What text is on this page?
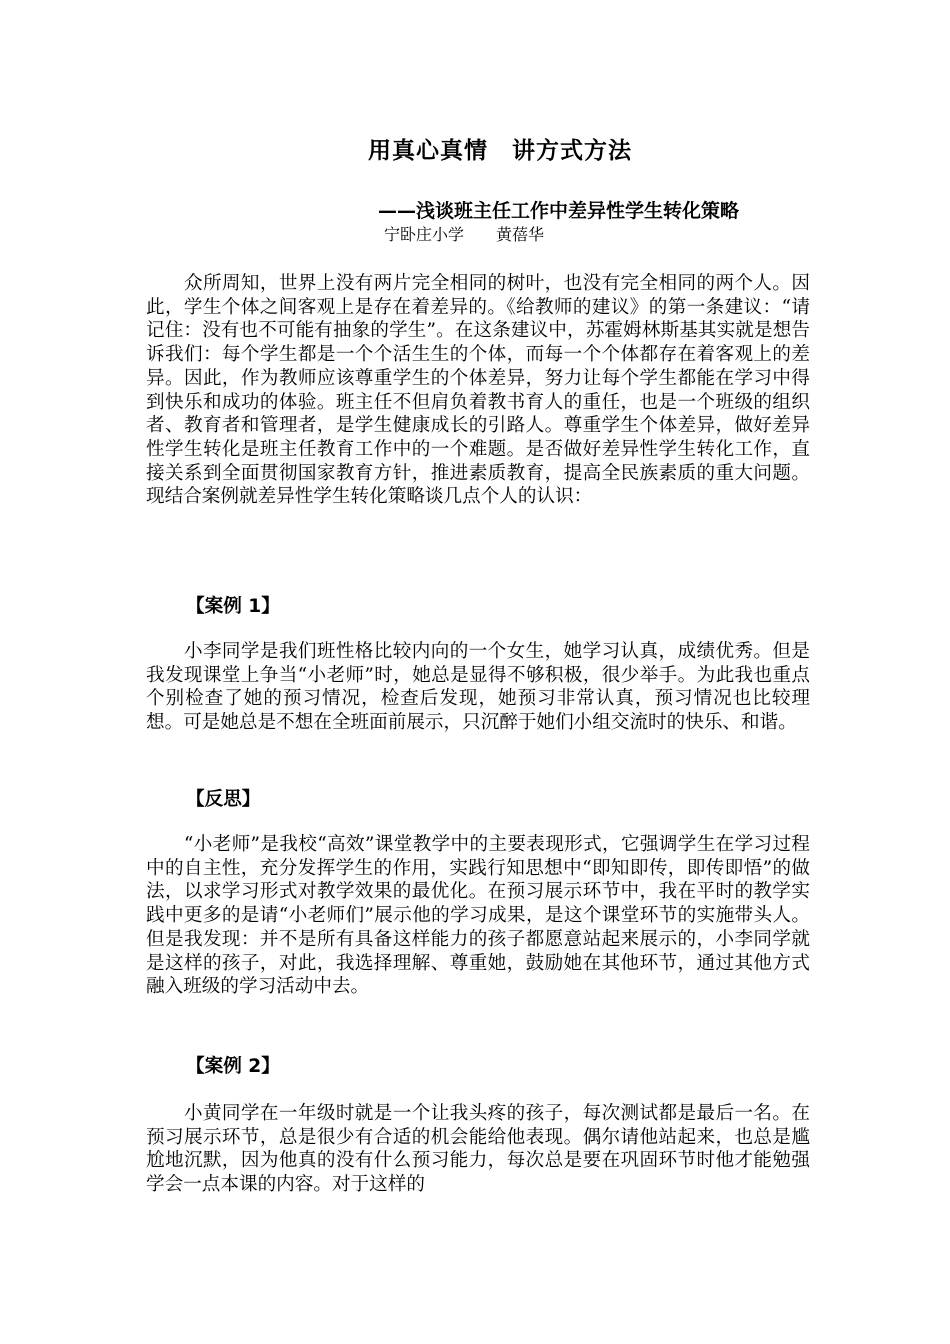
用真心真情　讲方式方法
——浅谈班主任工作中差异性学生转化策略
宁卧庄小学 黄蓓华

　　众所周知，世界上没有两片完全相同的树叶，也没有完全相同的两个人。因此，学生个体之间客观上是存在着差异的。《给教师的建议》的第一条建议：“请记住：没有也不可能有抽象的学生”。在这条建议中，苏霍姆林斯基其实就是想告诉我们：每个学生都是一个个活生生的个体，而每一个个体都存在着客观上的差异。因此，作为教师应该尊重学生的个体差异，努力让每个学生都能在学习中得到快乐和成功的体验。班主任不但肩负着教书育人的重任，也是一个班级的组织者、教育者和管理者，是学生健康成长的引路人。尊重学生个体差异，做好差异性学生转化是班主任教育工作中的一个难题。是否做好差异性学生转化工作，直接关系到全面贯彻国家教育方针，推进素质教育，提高全民族素质的重大问题。现结合案例就差异性学生转化策略谈几点个人的认识：

【案例 1】

　　小李同学是我们班性格比较内向的一个女生，她学习认真，成绩优秀。但是我发现课堂上争当“小老师”时，她总是显得不够积极，很少举手。为此我也重点个别检查了她的预习情况，检查后发现，她预习非常认真，预习情况也比较理想。可是她总是不想在全班面前展示，只沉醉于她们小组交流时的快乐、和谐。

【反思】

　　“小老师”是我校“高效”课堂教学中的主要表现形式，它强调学生在学习过程中的自主性，充分发挥学生的作用，实践行知思想中“即知即传，即传即悟”的做法，以求学习形式对教学效果的最优化。在预习展示环节中，我在平时的教学实践中更多的是请“小老师们”展示他的学习成果，是这个课堂环节的实施带头人。但是我发现：并不是所有具备这样能力的孩子都愿意站起来展示的，小李同学就是这样的孩子，对此，我选择理解、尊重她，鼓励她在其他环节，通过其他方式融入班级的学习活动中去。

【案例 2】

　　小黄同学在一年级时就是一个让我头疼的孩子，每次测试都是最后一名。在预习展示环节，总是很少有合适的机会能给他表现。偶尔请他站起来，也总是尴尬地沉默，因为他真的没有什么预习能力，每次总是要在巩固环节时他才能勉强学会一点本课的内容。对于这样的
